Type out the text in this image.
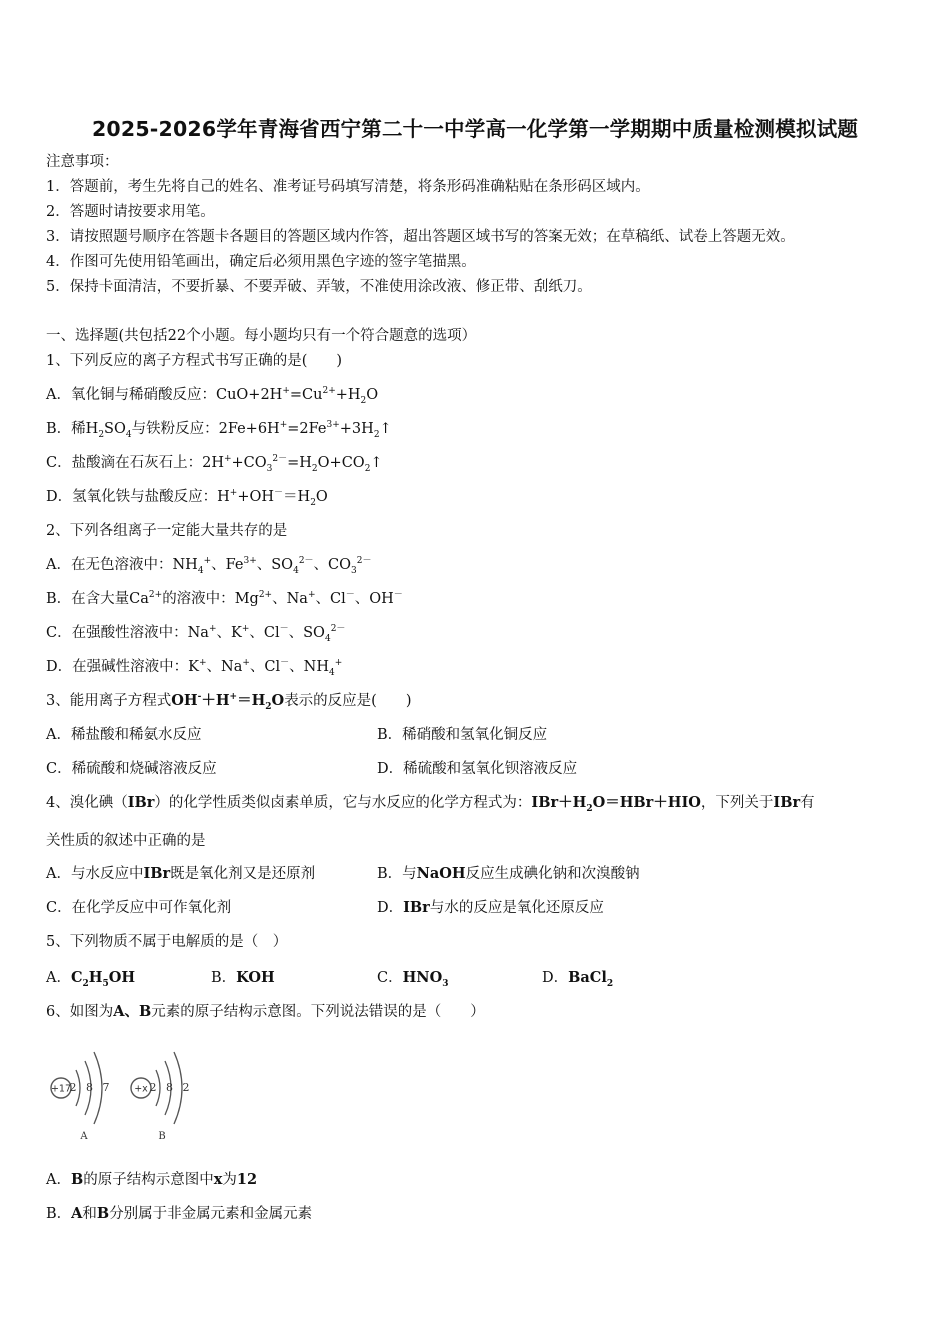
2025-2026学年青海省西宁第二十一中学高一化学第一学期期中质量检测模拟试题
注意事项：
1．答题前，考生先将自己的姓名、准考证号码填写清楚，将条形码准确粘贴在条形码区域内。
2．答题时请按要求用笔。
3．请按照题号顺序在答题卡各题目的答题区域内作答，超出答题区域书写的答案无效；在草稿纸、试卷上答题无效。
4．作图可先使用铅笔画出，确定后必须用黑色字迹的签字笔描黑。
5．保持卡面清洁，不要折暴、不要弄破、弄皱，不准使用涂改液、修正带、刮纸刀。
一、选择题(共包括22个小题。每小题均只有一个符合题意的选项）
1、下列反应的离子方程式书写正确的是(　　)
A．氧化铜与稀硝酸反应：$CuO+2H^+=Cu^{2+}+H_2O$
B．稀$H_2SO_4$与铁粉反应：$2Fe+6H^+=2Fe^{3+}+3H_2↑$
C．盐酸滴在石灰石上：$2H^++CO_3^{2-}=H_2O+CO_2↑$
D．氢氧化铁与盐酸反应：$H^++OH^-=H_2O$
2、下列各组离子一定能大量共存的是
A．在无色溶液中：$NH_4^+$、$Fe^{3+}$、$SO_4^{2-}$、$CO_3^{2-}$
B．在含大量$Ca^{2+}$的溶液中：$Mg^{2+}$、Na+、Cl－、OH－
C．在强酸性溶液中：Na+、K+、Cl－、$SO_4^{2-}$
D．在强碱性溶液中：K+、Na+、Cl－、$NH_4^+$
3、能用离子方程式$OH^-+H^+=H_2O$表示的反应是(　　)
A．稀盐酸和稀氨水反应	B．稀硝酸和氢氧化铜反应
C．稀硫酸和烧碱溶液反应	D．稀硫酸和氢氧化钡溶液反应
4、溴化碘（IBr）的化学性质类似卤素单质，它与水反应的化学方程式为：$IBr+H_2O=HBr+HIO$，下列关于IBr有
关性质的叙述中正确的是
A．与水反应中IBr既是氧化剂又是还原剂	B．与NaOH反应生成碘化钠和次溴酸钠
C．在化学反应中可作氧化剂	D．IBr与水的反应是氧化还原反应
5、下列物质不属于电解质的是（　）
A．$C_2H_5OH$	B．KOH	C．$HNO_3$	D．BaCl$_2$
6、如图为A、B元素的原子结构示意图。下列说法错误的是（　　）
+17
2 8 7
A
+x 2 8 2
B
A．B的原子结构示意图中x为12
B．A和B分别属于非金属元素和金属元素
